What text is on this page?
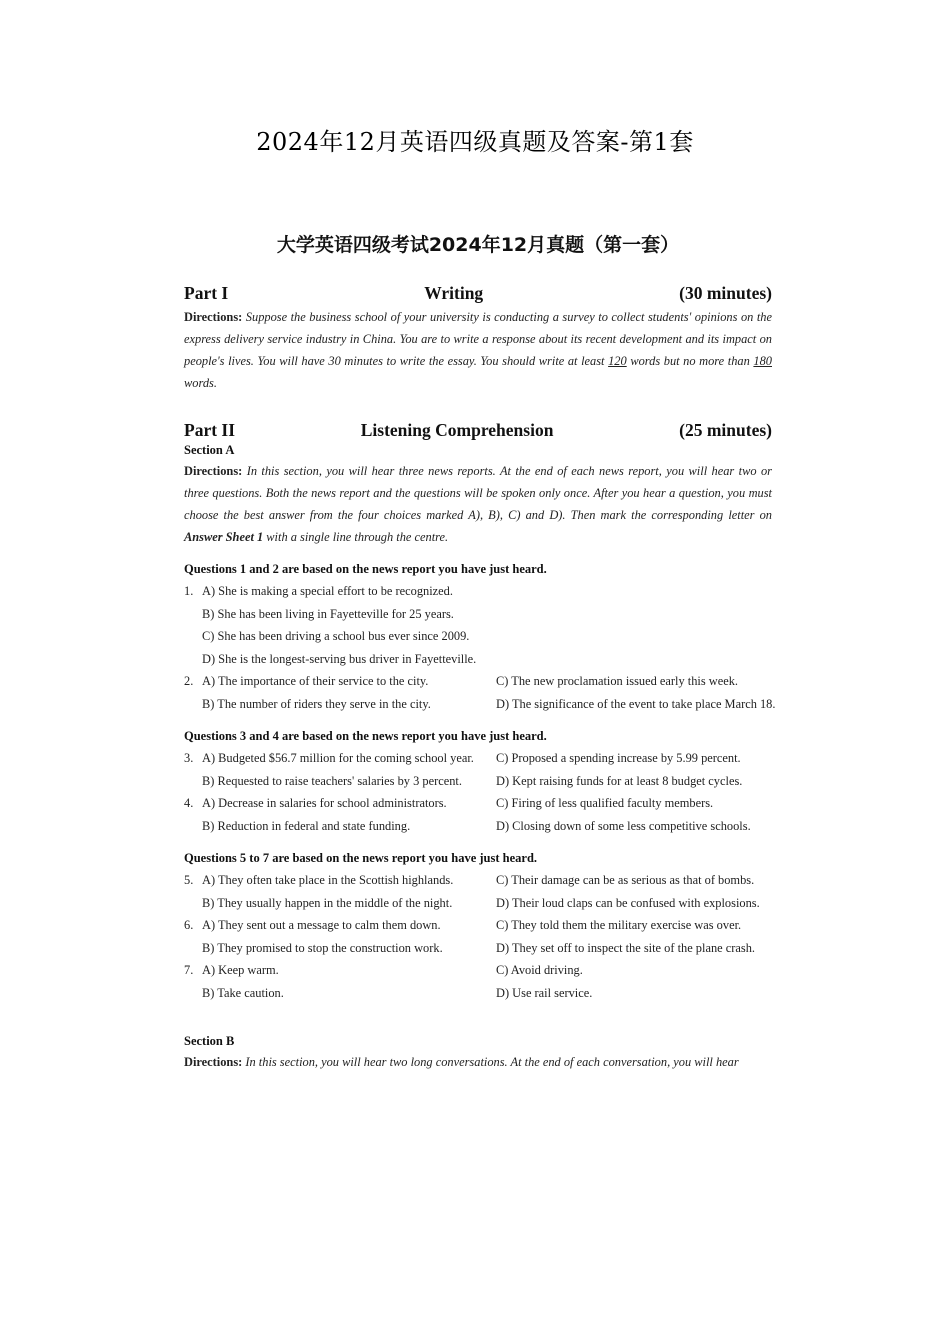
2024年12月英语四级真题及答案-第1套
大学英语四级考试2024年12月真题（第一套）
Part I	Writing	(30 minutes)
Directions: Suppose the business school of your university is conducting a survey to collect students' opinions on the express delivery service industry in China. You are to write a response about its recent development and its impact on people's lives. You will have 30 minutes to write the essay. You should write at least 120 words but no more than 180 words.
Part II	Listening Comprehension	(25 minutes)
Section A
Directions: In this section, you will hear three news reports. At the end of each news report, you will hear two or three questions. Both the news report and the questions will be spoken only once. After you hear a question, you must choose the best answer from the four choices marked A), B), C) and D). Then mark the corresponding letter on Answer Sheet 1 with a single line through the centre.
Questions 1 and 2 are based on the news report you have just heard.
1. A) She is making a special effort to be recognized.
B) She has been living in Fayetteville for 25 years.
C) She has been driving a school bus ever since 2009.
D) She is the longest-serving bus driver in Fayetteville.
2. A) The importance of their service to the city.	C) The new proclamation issued early this week.
B) The number of riders they serve in the city.	D) The significance of the event to take place March 18.
Questions 3 and 4 are based on the news report you have just heard.
3. A) Budgeted $56.7 million for the coming school year.	C) Proposed a spending increase by 5.99 percent.
B) Requested to raise teachers' salaries by 3 percent.	D) Kept raising funds for at least 8 budget cycles.
4. A) Decrease in salaries for school administrators.	C) Firing of less qualified faculty members.
B) Reduction in federal and state funding.	D) Closing down of some less competitive schools.
Questions 5 to 7 are based on the news report you have just heard.
5. A) They often take place in the Scottish highlands.	C) Their damage can be as serious as that of bombs.
B) They usually happen in the middle of the night.	D) Their loud claps can be confused with explosions.
6. A) They sent out a message to calm them down.	C) They told them the military exercise was over.
B) They promised to stop the construction work.	D) They set off to inspect the site of the plane crash.
7. A) Keep warm.	C) Avoid driving.
B) Take caution.	D) Use rail service.
Section B
Directions: In this section, you will hear two long conversations. At the end of each conversation, you will hear
